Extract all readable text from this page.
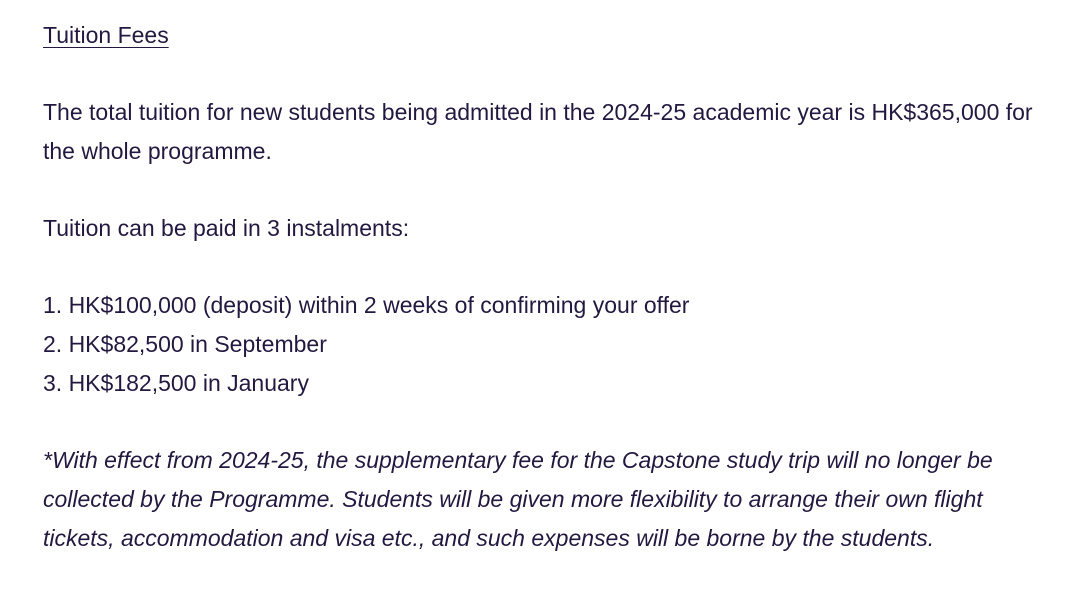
Tuition Fees

The total tuition for new students being admitted in the 2024-25 academic year is HK$365,000 for the whole programme.

Tuition can be paid in 3 instalments:

1. HK$100,000 (deposit) within 2 weeks of confirming your offer
2. HK$82,500 in September
3. HK$182,500 in January

*With effect from 2024-25, the supplementary fee for the Capstone study trip will no longer be collected by the Programme. Students will be given more flexibility to arrange their own flight tickets, accommodation and visa etc., and such expenses will be borne by the students.
